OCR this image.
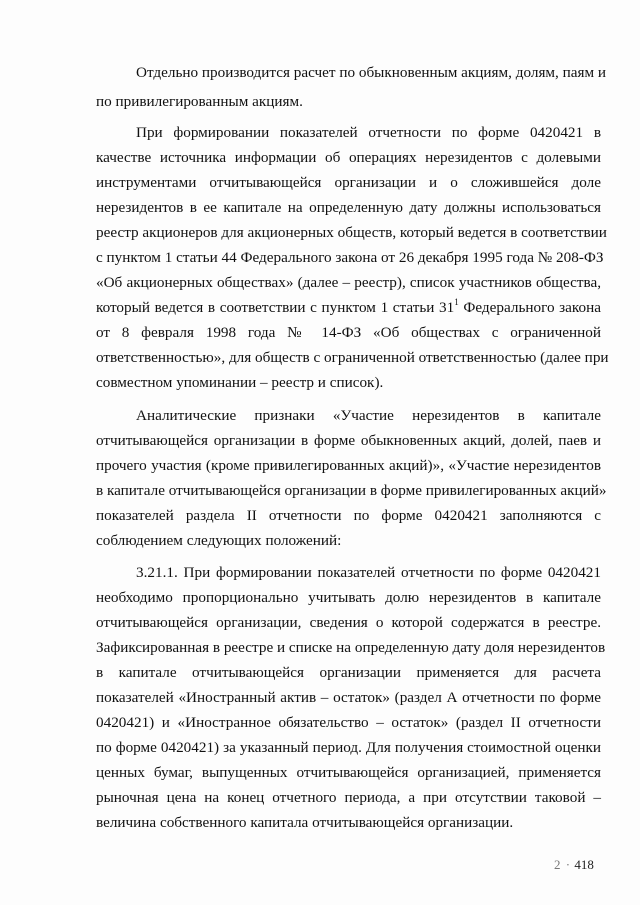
Отдельно производится расчет по обыкновенным акциям, долям, паям и
по привилегированным акциям.
При формировании показателей отчетности по форме 0420421 в
качестве источника информации об операциях нерезидентов с долевыми
инструментами отчитывающейся организации и о сложившейся доле
нерезидентов в ее капитале на определенную дату должны использоваться
реестр акционеров для акционерных обществ, который ведется в соответствии
с пунктом 1 статьи 44 Федерального закона от 26 декабря 1995 года № 208-ФЗ
«Об акционерных обществах» (далее – реестр), список участников общества,
который ведется в соответствии с пунктом 1 статьи $31^1$ Федерального закона
от 8 февраля 1998 года № 14-ФЗ «Об обществах с ограниченной
ответственностью», для обществ с ограниченной ответственностью (далее при
совместном упоминании – реестр и список).
Аналитические признаки «Участие нерезидентов в капитале
отчитывающейся организации в форме обыкновенных акций, долей, паев и
прочего участия (кроме привилегированных акций)», «Участие нерезидентов
в капитале отчитывающейся организации в форме привилегированных акций»
показателей раздела II отчетности по форме 0420421 заполняются с
соблюдением следующих положений:
3.21.1. При формировании показателей отчетности по форме 0420421
необходимо пропорционально учитывать долю нерезидентов в капитале
отчитывающейся организации, сведения о которой содержатся в реестре.
Зафиксированная в реестре и списке на определенную дату доля нерезидентов
в капитале отчитывающейся организации применяется для расчета
показателей «Иностранный актив – остаток» (раздел А отчетности по форме
0420421) и «Иностранное обязательство – остаток» (раздел II отчетности
по форме 0420421) за указанный период. Для получения стоимостной оценки
ценных бумаг, выпущенных отчитывающейся организацией, применяется
рыночная цена на конец отчетного периода, а при отсутствии таковой –
величина собственного капитала отчитывающейся организации.
2 · 418
